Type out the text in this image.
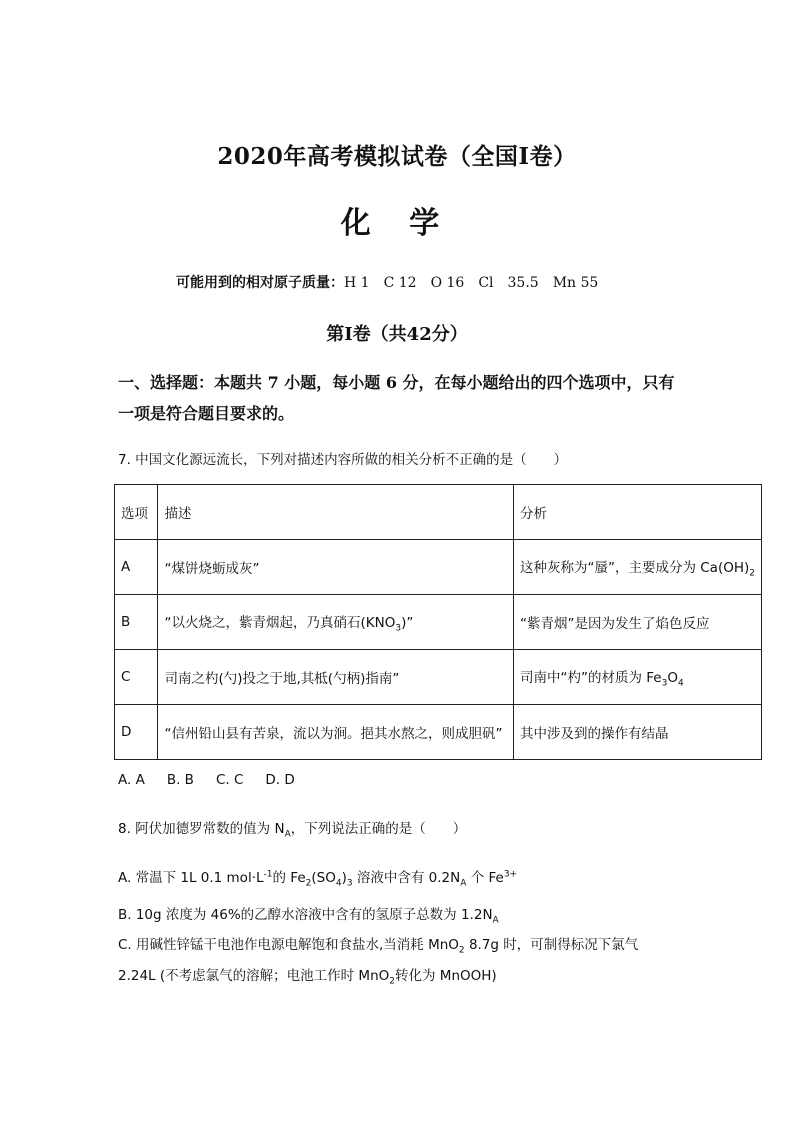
2020年高考模拟试卷（全国I卷）
化 学
可能用到的相对原子质量：H 1 C 12 O 16 Cl 35.5 Mn 55
第I卷（共42分）
一、选择题：本题共 7 小题，每小题 6 分，在每小题给出的四个选项中，只有
一项是符合题目要求的。
7. 中国文化源远流长，下列对描述内容所做的相关分析不正确的是（　　）
选项	描述	分析
A	“煤饼烧蛎成灰”	这种灰称为“蜃”，主要成分为 $Ca(OH)_2$
B	“以火烧之，紫青烟起，乃真硝石$(KNO_3)$”	“紫青烟”是因为发生了焰色反应
C	司南之杓(勺)投之于地,其柢(勺柄)指南”	司南中“杓”的材质为 $Fe_3O_4$
D	“信州铅山县有苦泉，流以为涧。挹其水熬之，则成胆矾”	其中涉及到的操作有结晶
A. A B. B C. C D. D
8. 阿伏加德罗常数的值为 $N_A$，下列说法正确的是（　　）
A. 常温下 1L 0.1 $mol\cdot L^{-1}$的 $Fe_2(SO_4)_3$ 溶液中含有 $0.2N_A$ 个 $Fe^{3+}$
B. 10g 浓度为 46%的乙醇水溶液中含有的氢原子总数为 $1.2N_A$
C. 用碱性锌锰干电池作电源电解饱和食盐水,当消耗 MnO$_2$ 8.7g 时，可制得标况下氯气
2.24L (不考虑氯气的溶解；电池工作时 MnO$_2$转化为 MnOOH)
